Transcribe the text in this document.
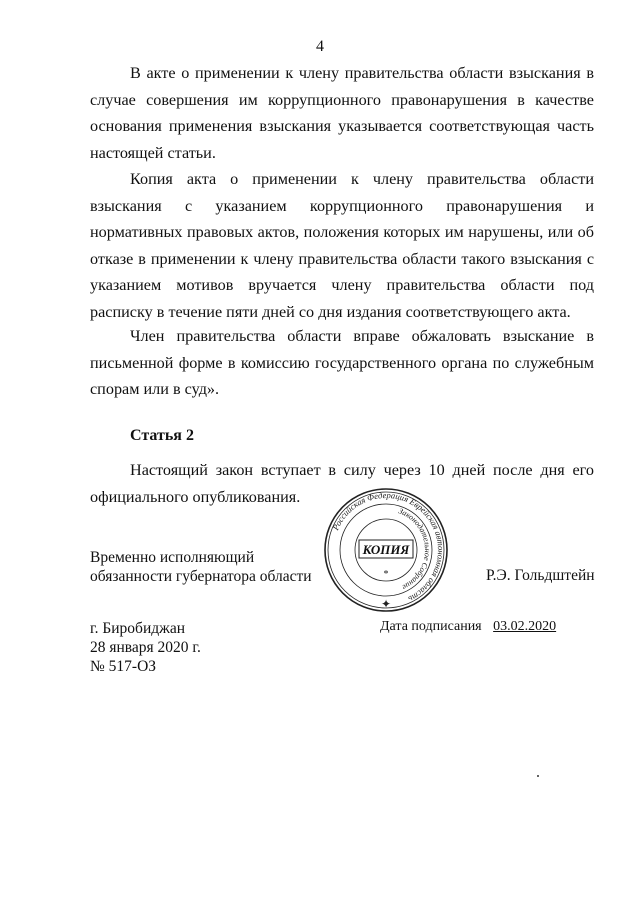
4

В акте о применении к члену правительства области взыскания в случае совершения им коррупционного правонарушения в качестве основания применения взыскания указывается соответствующая часть настоящей статьи.

Копия акта о применении к члену правительства области взыскания с указанием коррупционного правонарушения и нормативных правовых актов, положения которых им нарушены, или об отказе в применении к члену правительства области такого взыскания с указанием мотивов вручается члену правительства области под расписку в течение пяти дней со дня издания соответствующего акта.

Член правительства области вправе обжаловать взыскание в письменной форме в комиссию государственного органа по служебным спорам или в суд».

Статья 2

Настоящий закон вступает в силу через 10 дней после дня его официального опубликования.

Временно исполняющий
обязанности губернатора области	Р.Э. Гольдштейн
Российская Федерация Еврейская автономная область
Законодательное Собрание
КОПИЯ
*
✦
г. Биробиджан
28 января 2020 г.
№ 517-ОЗ
Дата подписания 03.02.2020
